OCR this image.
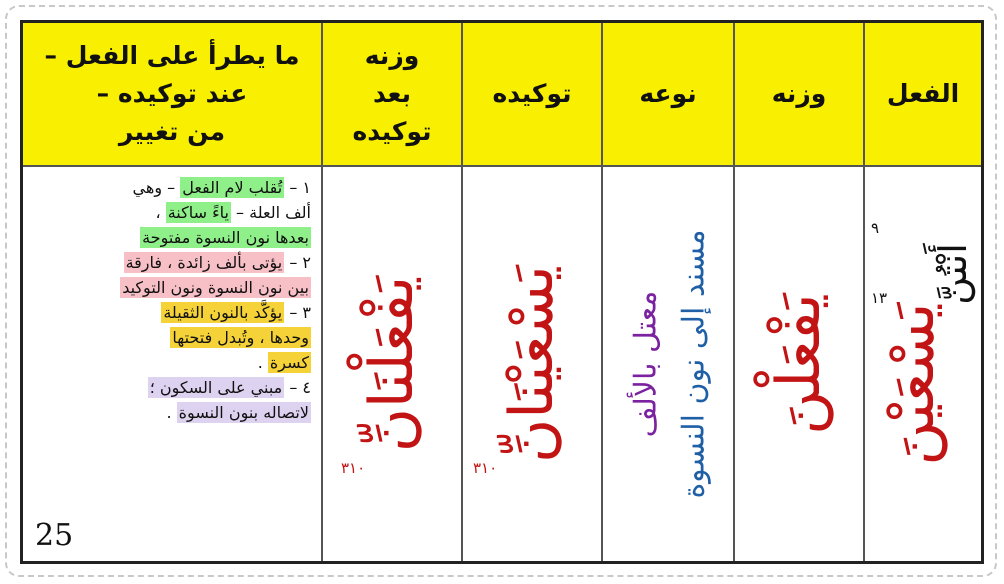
ما يطرأ على الفعل –
عند توكيده –
من تغيير
وزنه
بعد
توكيده
توكيده	نوعه	وزنه الفعل
١ – تُقلب لام الفعل – وهي
ألف العلة – ياءً ساكنة ،
بعدها نون النسوة مفتوحة
٢ – يؤتى بألف زائدة ، فارقة
بين نون النسوة ونون التوكيد
٣ – يؤكَّد بالنون الثقيلة
وحدها ، وتُبدل فتحتها
كسرة .
٤ – مبني على السكون ؛
لاتصاله بنون النسوة .
25
يَفْعَلْنَانِّ
٣١٠
يَسْعَيْنَانِّ
٣١٠
معتل بالألف مسند إلى نون النسوة يَفْعَلْنَ يَسْعَيْنَ
أَنْتُنَّ
٩
١٣
